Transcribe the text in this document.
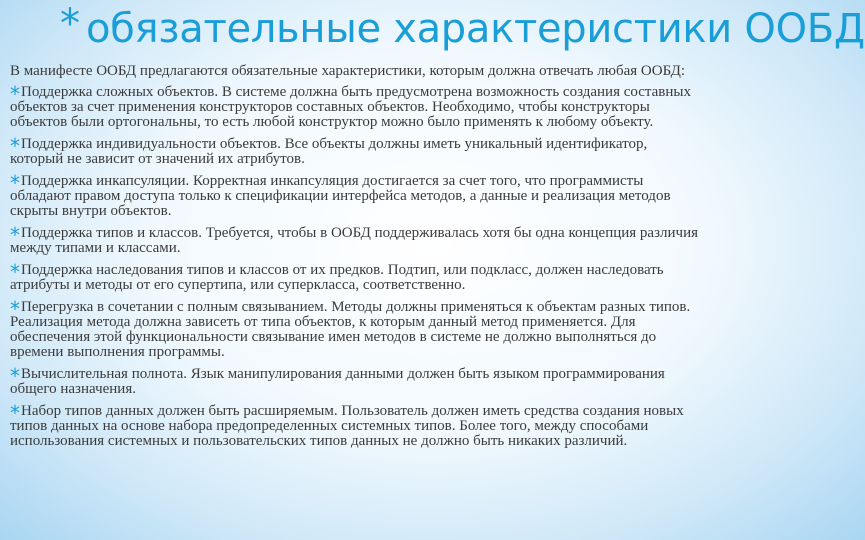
* обязательные характеристики ООБД

В манифесте ООБД предлагаются обязательные характеристики, которым должна отвечать любая ООБД:

*Поддержка сложных объектов. В системе должна быть предусмотрена возможность создания составных объектов за счет применения конструкторов составных объектов. Необходимо, чтобы конструкторы объектов были ортогональны, то есть любой конструктор можно было применять к любому объекту.

*Поддержка индивидуальности объектов. Все объекты должны иметь уникальный идентификатор, который не зависит от значений их атрибутов.

*Поддержка инкапсуляции. Корректная инкапсуляция достигается за счет того, что программисты обладают правом доступа только к спецификации интерфейса методов, а данные и реализация методов скрыты внутри объектов.

*Поддержка типов и классов. Требуется, чтобы в ООБД поддерживалась хотя бы одна концепция различия между типами и классами.

*Поддержка наследования типов и классов от их предков. Подтип, или подкласс, должен наследовать атрибуты и методы от его супертипа, или суперкласса, соответственно.

*Перегрузка в сочетании с полным связыванием. Методы должны применяться к объектам разных типов. Реализация метода должна зависеть от типа объектов, к которым данный метод применяется. Для обеспечения этой функциональности связывание имен методов в системе не должно выполняться до времени выполнения программы.

*Вычислительная полнота. Язык манипулирования данными должен быть языком программирования общего назначения.

*Набор типов данных должен быть расширяемым. Пользователь должен иметь средства создания новых типов данных на основе набора предопределенных системных типов. Более того, между способами использования системных и пользовательских типов данных не должно быть никаких различий.
